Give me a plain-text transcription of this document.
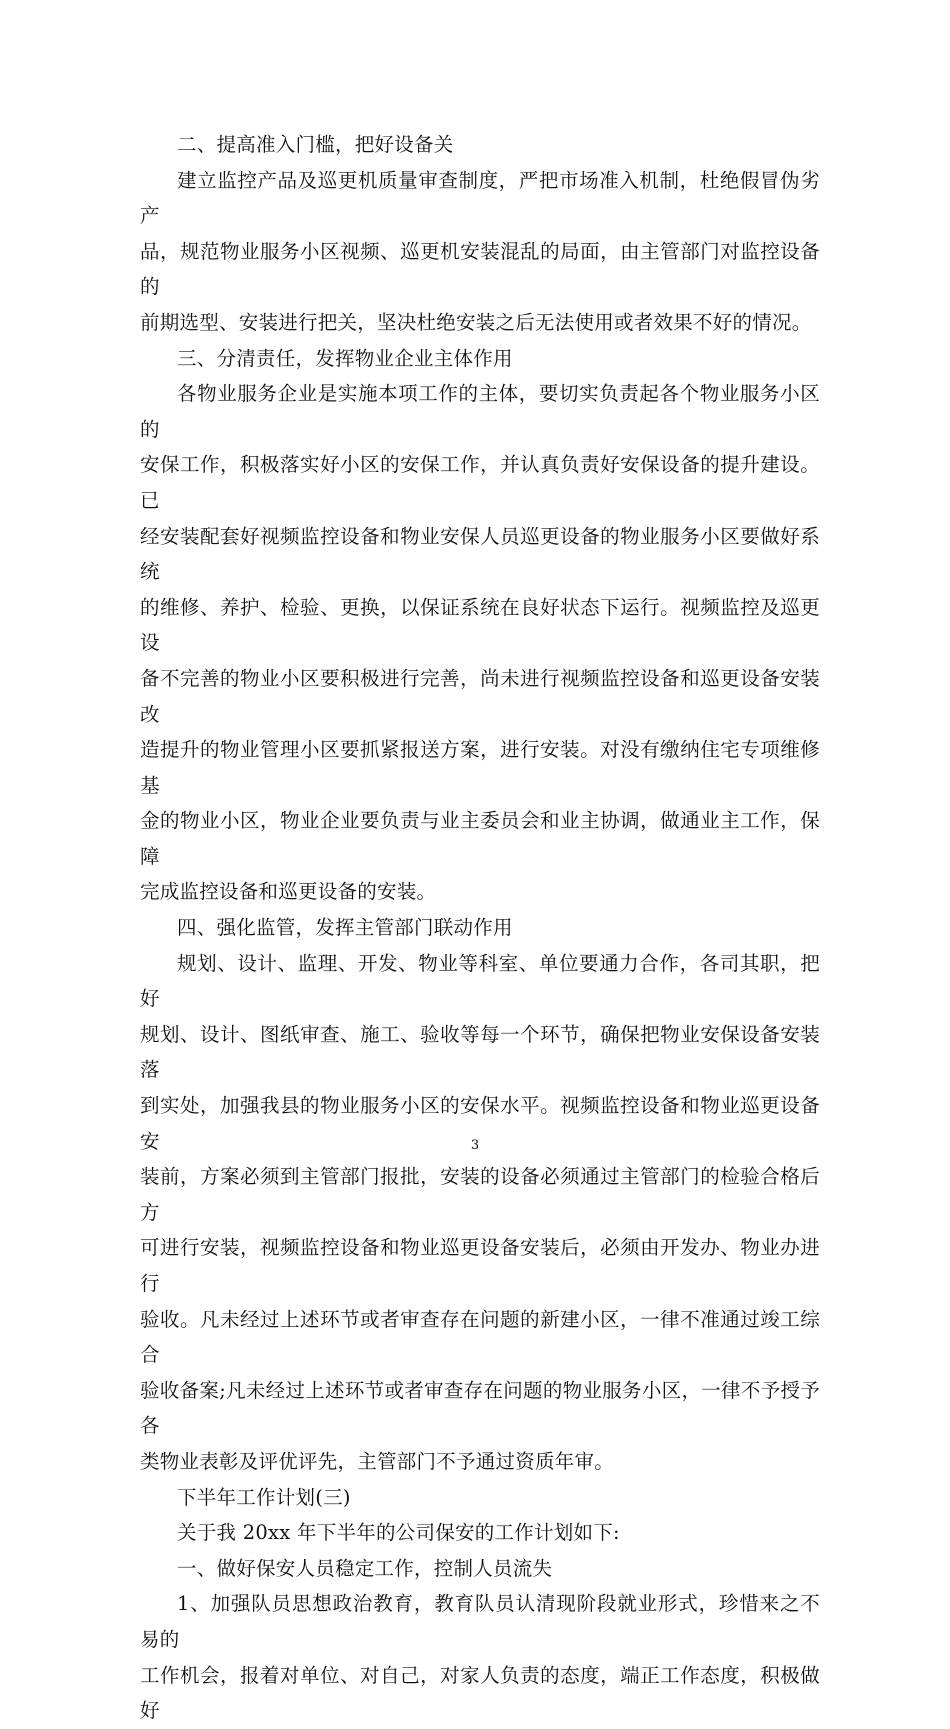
二、提高准入门槛，把好设备关

建立监控产品及巡更机质量审查制度，严把市场准入机制，杜绝假冒伪劣产

品，规范物业服务小区视频、巡更机安装混乱的局面，由主管部门对监控设备的

前期选型、安装进行把关，坚决杜绝安装之后无法使用或者效果不好的情况。

三、分清责任，发挥物业企业主体作用

各物业服务企业是实施本项工作的主体，要切实负责起各个物业服务小区的

安保工作，积极落实好小区的安保工作，并认真负责好安保设备的提升建设。已

经安装配套好视频监控设备和物业安保人员巡更设备的物业服务小区要做好系统

的维修、养护、检验、更换，以保证系统在良好状态下运行。视频监控及巡更设

备不完善的物业小区要积极进行完善，尚未进行视频监控设备和巡更设备安装改

造提升的物业管理小区要抓紧报送方案，进行安装。对没有缴纳住宅专项维修基

金的物业小区，物业企业要负责与业主委员会和业主协调，做通业主工作，保障

完成监控设备和巡更设备的安装。

四、强化监管，发挥主管部门联动作用

规划、设计、监理、开发、物业等科室、单位要通力合作，各司其职，把好

规划、设计、图纸审查、施工、验收等每一个环节，确保把物业安保设备安装落

到实处，加强我县的物业服务小区的安保水平。视频监控设备和物业巡更设备安

装前，方案必须到主管部门报批，安装的设备必须通过主管部门的检验合格后方

可进行安装，视频监控设备和物业巡更设备安装后，必须由开发办、物业办进行

验收。凡未经过上述环节或者审查存在问题的新建小区，一律不准通过竣工综合

验收备案;凡未经过上述环节或者审查存在问题的物业服务小区，一律不予授予各

类物业表彰及评优评先，主管部门不予通过资质年审。

下半年工作计划(三)

关于我 20xx 年下半年的公司保安的工作计划如下:

一、做好保安人员稳定工作，控制人员流失

1、加强队员思想政治教育，教育队员认清现阶段就业形式，珍惜来之不易的

工作机会，报着对单位、对自己，对家人负责的态度，端正工作态度，积极做好

3
